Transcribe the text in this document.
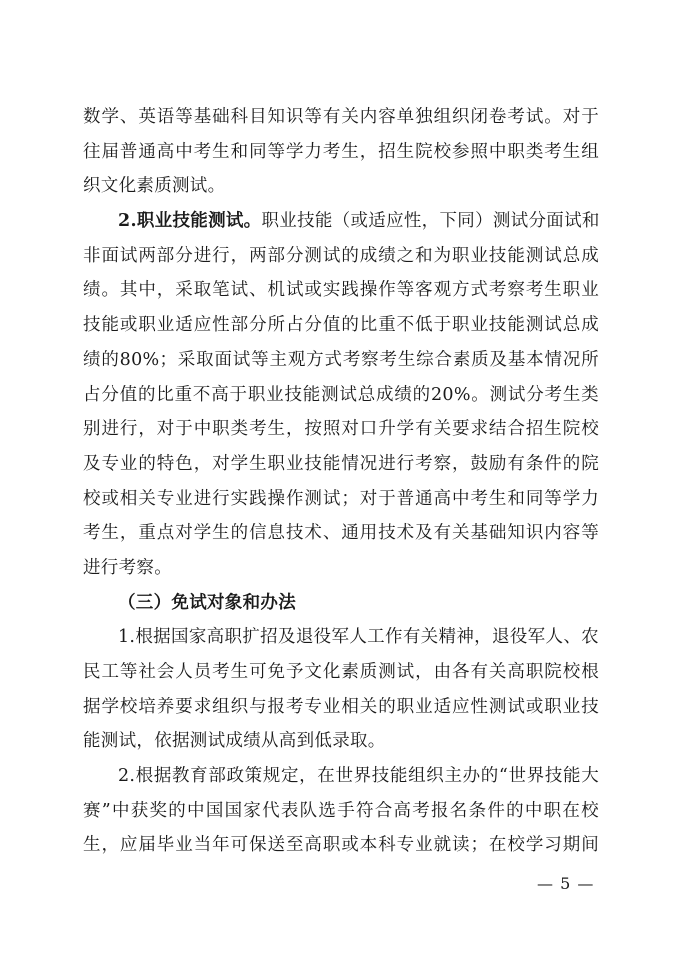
数学、英语等基础科目知识等有关内容单独组织闭卷考试。对于
往届普通高中考生和同等学力考生，招生院校参照中职类考生组
织文化素质测试。
2.职业技能测试。职业技能（或适应性，下同）测试分面试和
非面试两部分进行，两部分测试的成绩之和为职业技能测试总成
绩。其中，采取笔试、机试或实践操作等客观方式考察考生职业
技能或职业适应性部分所占分值的比重不低于职业技能测试总成
绩的80%；采取面试等主观方式考察考生综合素质及基本情况所
占分值的比重不高于职业技能测试总成绩的20%。测试分考生类
别进行，对于中职类考生，按照对口升学有关要求结合招生院校
及专业的特色，对学生职业技能情况进行考察，鼓励有条件的院
校或相关专业进行实践操作测试；对于普通高中考生和同等学力
考生，重点对学生的信息技术、通用技术及有关基础知识内容等
进行考察。
（三）免试对象和办法
1.根据国家高职扩招及退役军人工作有关精神，退役军人、农
民工等社会人员考生可免予文化素质测试，由各有关高职院校根
据学校培养要求组织与报考专业相关的职业适应性测试或职业技
能测试，依据测试成绩从高到低录取。
2.根据教育部政策规定，在世界技能组织主办的“世界技能大
赛”中获奖的中国国家代表队选手符合高考报名条件的中职在校
生，应届毕业当年可保送至高职或本科专业就读；在校学习期间
— 5 —
